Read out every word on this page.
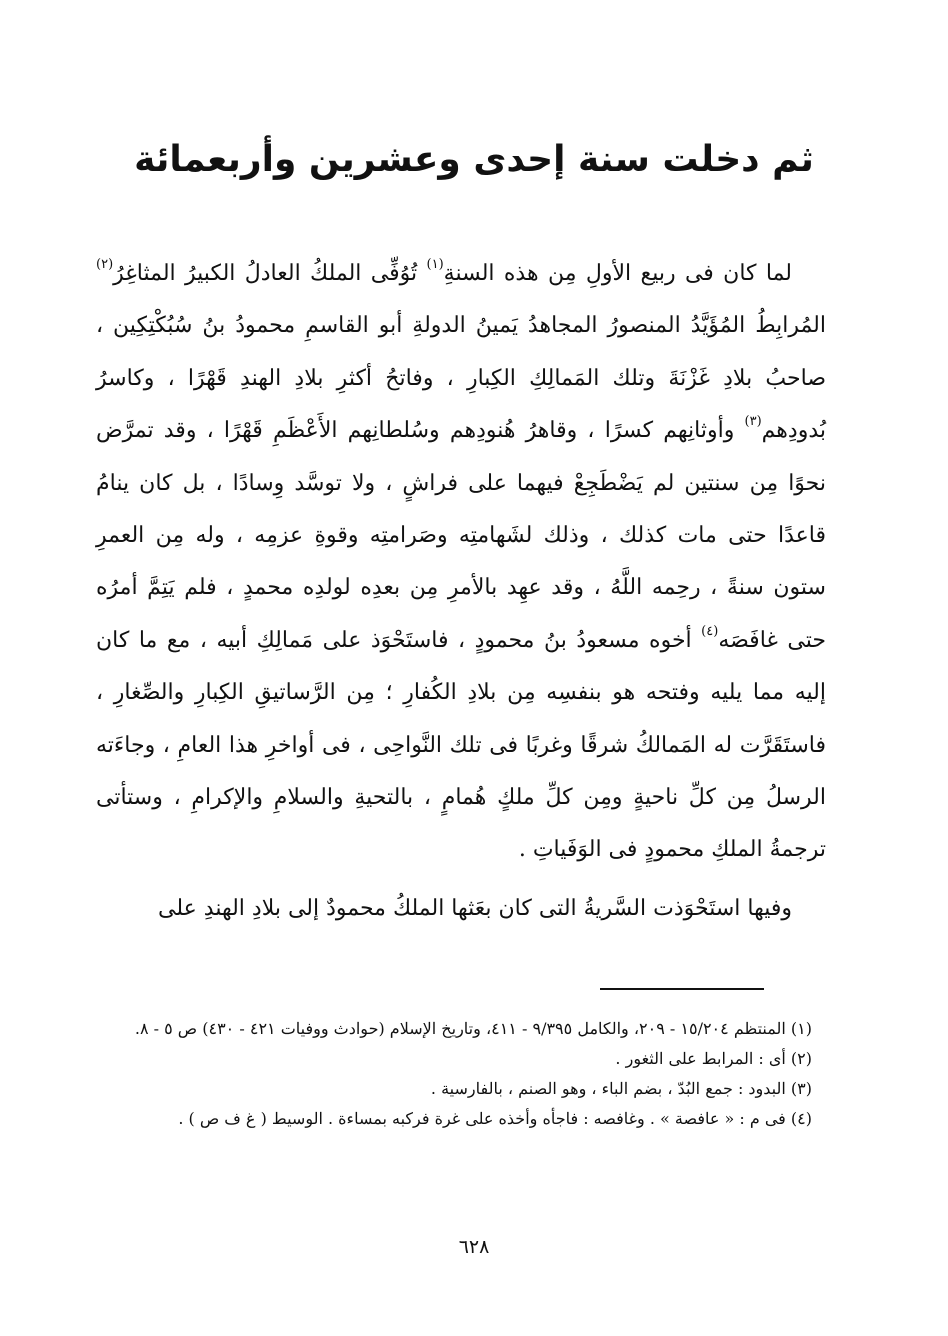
ثم دخلت سنة إحدى وعشرين وأربعمائة

لما كان فى ربيع الأولِ مِن هذه السنةِ$^{(١)}$ تُوُفِّى الملكُ العادلُ الكبيرُ المثاغِرُ$^{(٢)}$ المُرابِطُ المُؤَيَّدُ المنصورُ المجاهدُ يَمينُ الدولةِ أبو القاسمِ محمودُ بنُ سُبُكْتِكِين ، صاحبُ بلادِ غَزْنَةَ وتلك المَمالِكِ الكِبارِ ، وفاتحُ أكثرِ بلادِ الهندِ قَهْرًا ، وكاسرُ بُدودِهم$^{(٣)}$ وأوثانِهم كسرًا ، وقاهرُ هُنودِهم وسُلطانِهم الأَعْظَمِ قَهْرًا ، وقد تمرَّض نحوًا مِن سنتين لم يَضْطَجِعْ فيهما على فراشٍ ، ولا توسَّد وِسادًا ، بل كان ينامُ قاعدًا حتى مات كذلك ، وذلك لشَهامتِه وصَرامتِه وقوةِ عزمِه ، وله مِن العمرِ ستون سنةً ، رحِمه اللَّهُ ، وقد عهِد بالأمرِ مِن بعدِه لولدِه محمدٍ ، فلم يَتِمَّ أمرُه حتى غافَصَه$^{(٤)}$ أخوه مسعودُ بنُ محمودٍ ، فاستَحْوَذ على مَمالِكِ أبيه ، مع ما كان إليه مما يليه وفتحه هو بنفسِه مِن بلادِ الكُفارِ ؛ مِن الرَّساتيقِ الكِبارِ والصِّغارِ ، فاستَقَرَّت له المَمالكُ شرقًا وغربًا فى تلك النَّواحِى ، فى أواخرِ هذا العامِ ، وجاءَته الرسلُ مِن كلِّ ناحيةٍ ومِن كلِّ ملكٍ هُمامٍ ، بالتحيةِ والسلامِ والإكرامِ ، وستأتى ترجمةُ الملكِ محمودٍ فى الوَفَياتِ .

وفيها استَحْوَذت السَّريةُ التى كان بعَثها الملكُ محمودٌ إلى بلادِ الهندِ على

(١) المنتظم ١٥/٢٠٤ - ٢٠٩، والكامل ٩/٣٩٥ - ٤١١، وتاريخ الإسلام (حوادث ووفيات ٤٢١ - ٤٣٠) ص ٥ - ٨.
(٢) أى : المرابط على الثغور .
(٣) البدود : جمع البُدّ ، بضم الباء ، وهو الصنم ، بالفارسية .
(٤) فى م : « عافصة » . وغافصه : فاجأه وأخذه على غرة فركبه بمساءة . الوسيط ( غ ف ص ) .
٦٢٨
